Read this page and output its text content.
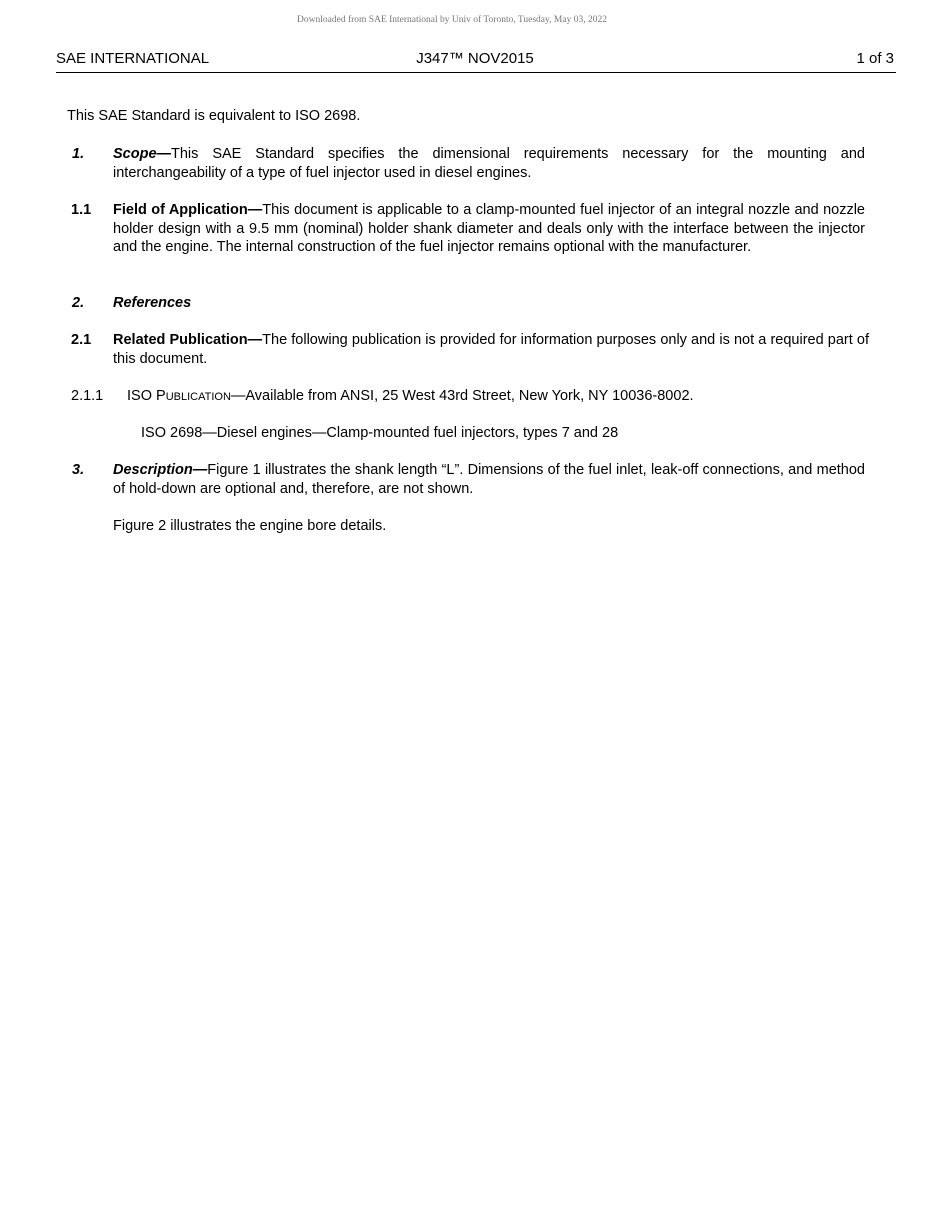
Downloaded from SAE International by Univ of Toronto, Tuesday, May 03, 2022
SAE INTERNATIONAL	J347™ NOV2015	1 of 3
This SAE Standard is equivalent to ISO 2698.
1. Scope—This SAE Standard specifies the dimensional requirements necessary for the mounting and interchangeability of a type of fuel injector used in diesel engines.
1.1 Field of Application—This document is applicable to a clamp-mounted fuel injector of an integral nozzle and nozzle holder design with a 9.5 mm (nominal) holder shank diameter and deals only with the interface between the injector and the engine. The internal construction of the fuel injector remains optional with the manufacturer.
2. References
2.1 Related Publication—The following publication is provided for information purposes only and is not a required part of this document.
2.1.1 ISO PUBLICATION—Available from ANSI, 25 West 43rd Street, New York, NY 10036-8002.
ISO 2698—Diesel engines—Clamp-mounted fuel injectors, types 7 and 28
3. Description—Figure 1 illustrates the shank length “L”. Dimensions of the fuel inlet, leak-off connections, and method of hold-down are optional and, therefore, are not shown.
Figure 2 illustrates the engine bore details.
